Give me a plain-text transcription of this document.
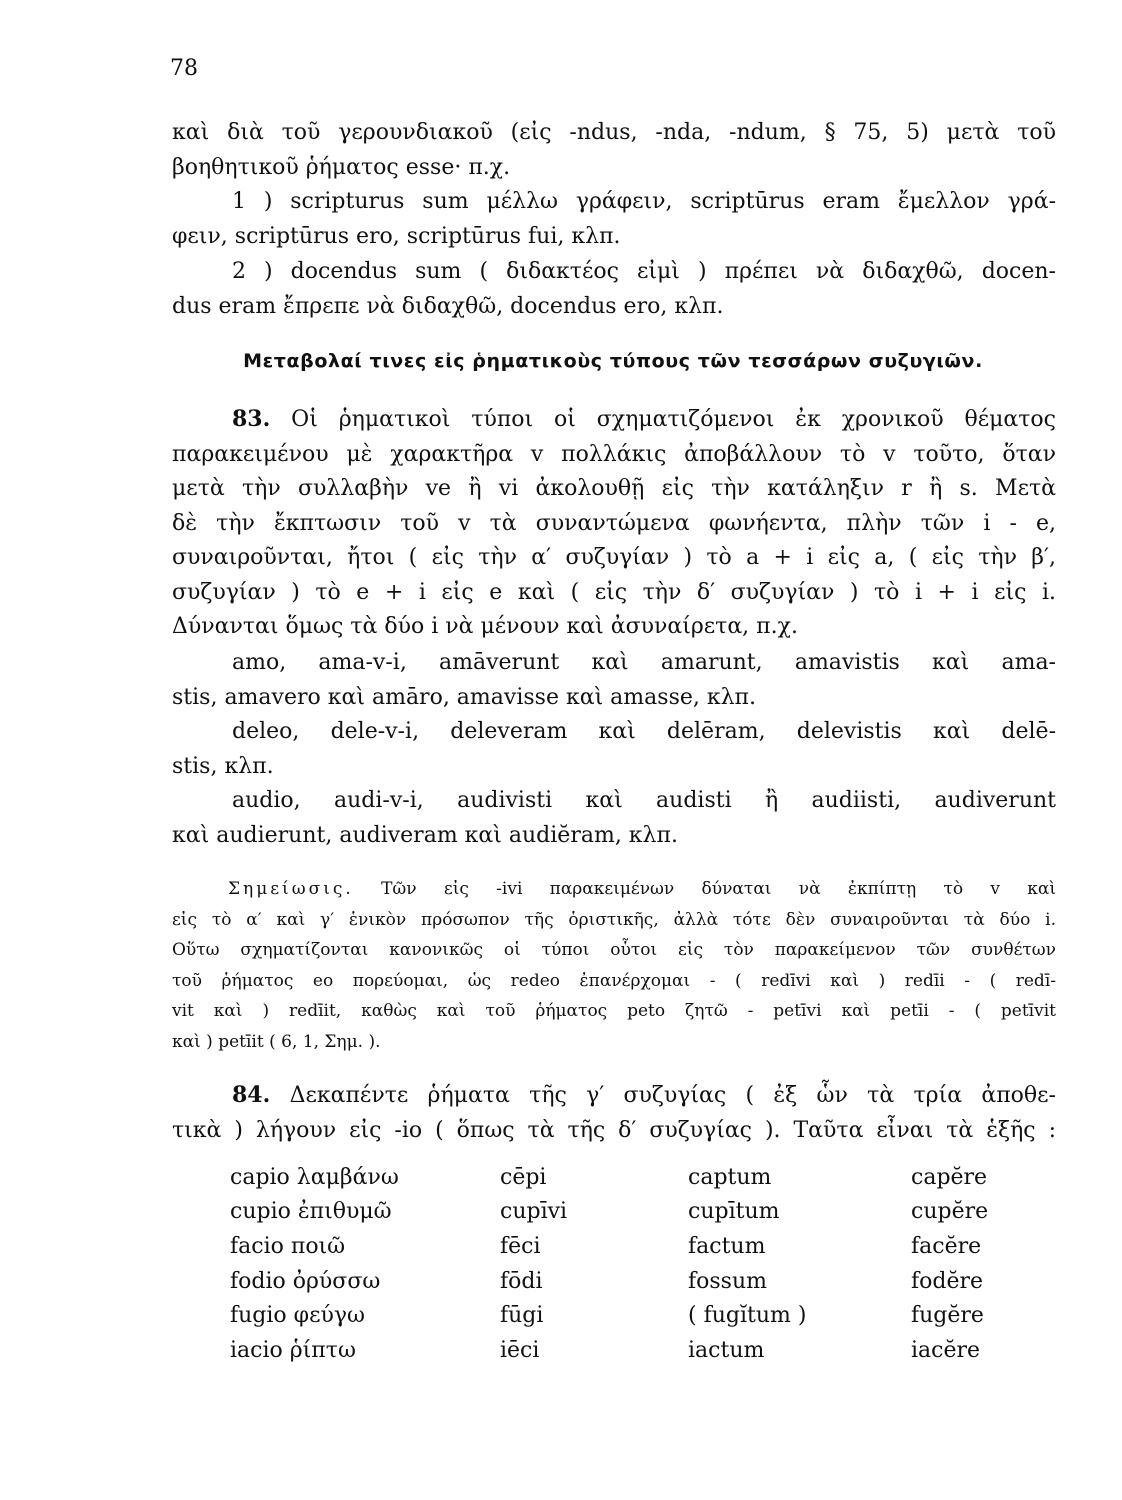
78
καὶ διὰ τοῦ γερουνδιακοῦ (εἰς -ndus, -nda, -ndum, § 75, 5) μετὰ τοῦ
βοηθητικοῦ ῥήματος esse· π.χ.
1 ) scripturus sum μέλλω γράφειν, scriptūrus eram ἔμελλον γρά-
φειν, scriptūrus ero, scriptūrus fui, κλπ.
2 ) docendus sum ( διδακτέος εἰμὶ ) πρέπει νὰ διδαχθῶ, docen-
dus eram ἔπρεπε νὰ διδαχθῶ, docendus ero, κλπ.
Μεταβολαί τινες εἰς ῥηματικοὺς τύπους τῶν τεσσάρων συζυγιῶν.
83. Οἱ ῥηματικοὶ τύποι οἱ σχηματιζόμενοι ἐκ χρονικοῦ θέματος
παρακειμένου μὲ χαρακτῆρα v πολλάκις ἀποβάλλουν τὸ v τοῦτο, ὅταν
μετὰ τὴν συλλαβὴν ve ἢ vi ἀκολουθῇ εἰς τὴν κατάληξιν r ἢ s. Μετὰ
δὲ τὴν ἔκπτωσιν τοῦ v τὰ συναντώμενα φωνήεντα, πλὴν τῶν i - e,
συναιροῦνται, ἤτοι ( εἰς τὴν α′ συζυγίαν ) τὸ a + i εἰς a, ( εἰς τὴν β′,
συζυγίαν ) τὸ e + i εἰς e καὶ ( εἰς τὴν δ′ συζυγίαν ) τὸ i + i εἰς i.
Δύνανται ὅμως τὰ δύο i νὰ μένουν καὶ ἀσυναίρετα, π.χ.
amo, ama-v-i, amāverunt καὶ amarunt, amavistis καὶ ama-
stis, amavero καὶ amāro, amavisse καὶ amasse, κλπ.
deleo, dele-v-i, deleveram καὶ delēram, delevistis καὶ delē-
stis, κλπ.
audio, audi-v-i, audivisti καὶ audisti ἢ audiisti, audiverunt
καὶ audierunt, audiveram καὶ audiĕram, κλπ.
Σημείωσις. Τῶν εἰς -ivi παρακειμένων δύναται νὰ ἐκπίπτῃ τὸ v καὶ
εἰς τὸ α′ καὶ γ′ ἑνικὸν πρόσωπον τῆς ὁριστικῆς, ἀλλὰ τότε δὲν συναιροῦνται τὰ δύο i.
Οὕτω σχηματίζονται κανονικῶς οἱ τύποι οὗτοι εἰς τὸν παρακείμενον τῶν συνθέτων
τοῦ ῥήματος eo πορεύομαι, ὡς redeo ἐπανέρχομαι - ( redīvi καὶ ) redīi - ( redī-
vit καὶ ) redīit, καθὼς καὶ τοῦ ῥήματος peto ζητῶ - petīvi καὶ petīi - ( petīvit
καὶ ) petīit ( 6, 1, Σημ. ).
84. Δεκαπέντε ῥήματα τῆς γ′ συζυγίας ( ἐξ ὧν τὰ τρία ἀποθε-
τικὰ ) λήγουν εἰς -io ( ὅπως τὰ τῆς δ′ συζυγίας ). Ταῦτα εἶναι τὰ ἑξῆς :
capio λαμβάνω	cēpi	captum	capĕre
cupio ἐπιθυμῶ	cupīvi	cupītum	cupĕre
facio ποιῶ	fēci	factum	facĕre
fodio ὀρύσσω	fōdi	fossum	fodĕre
fugio φεύγω	fūgi	( fugĭtum )	fugĕre
iacio ῥίπτω	iēci	iactum	iacĕre
